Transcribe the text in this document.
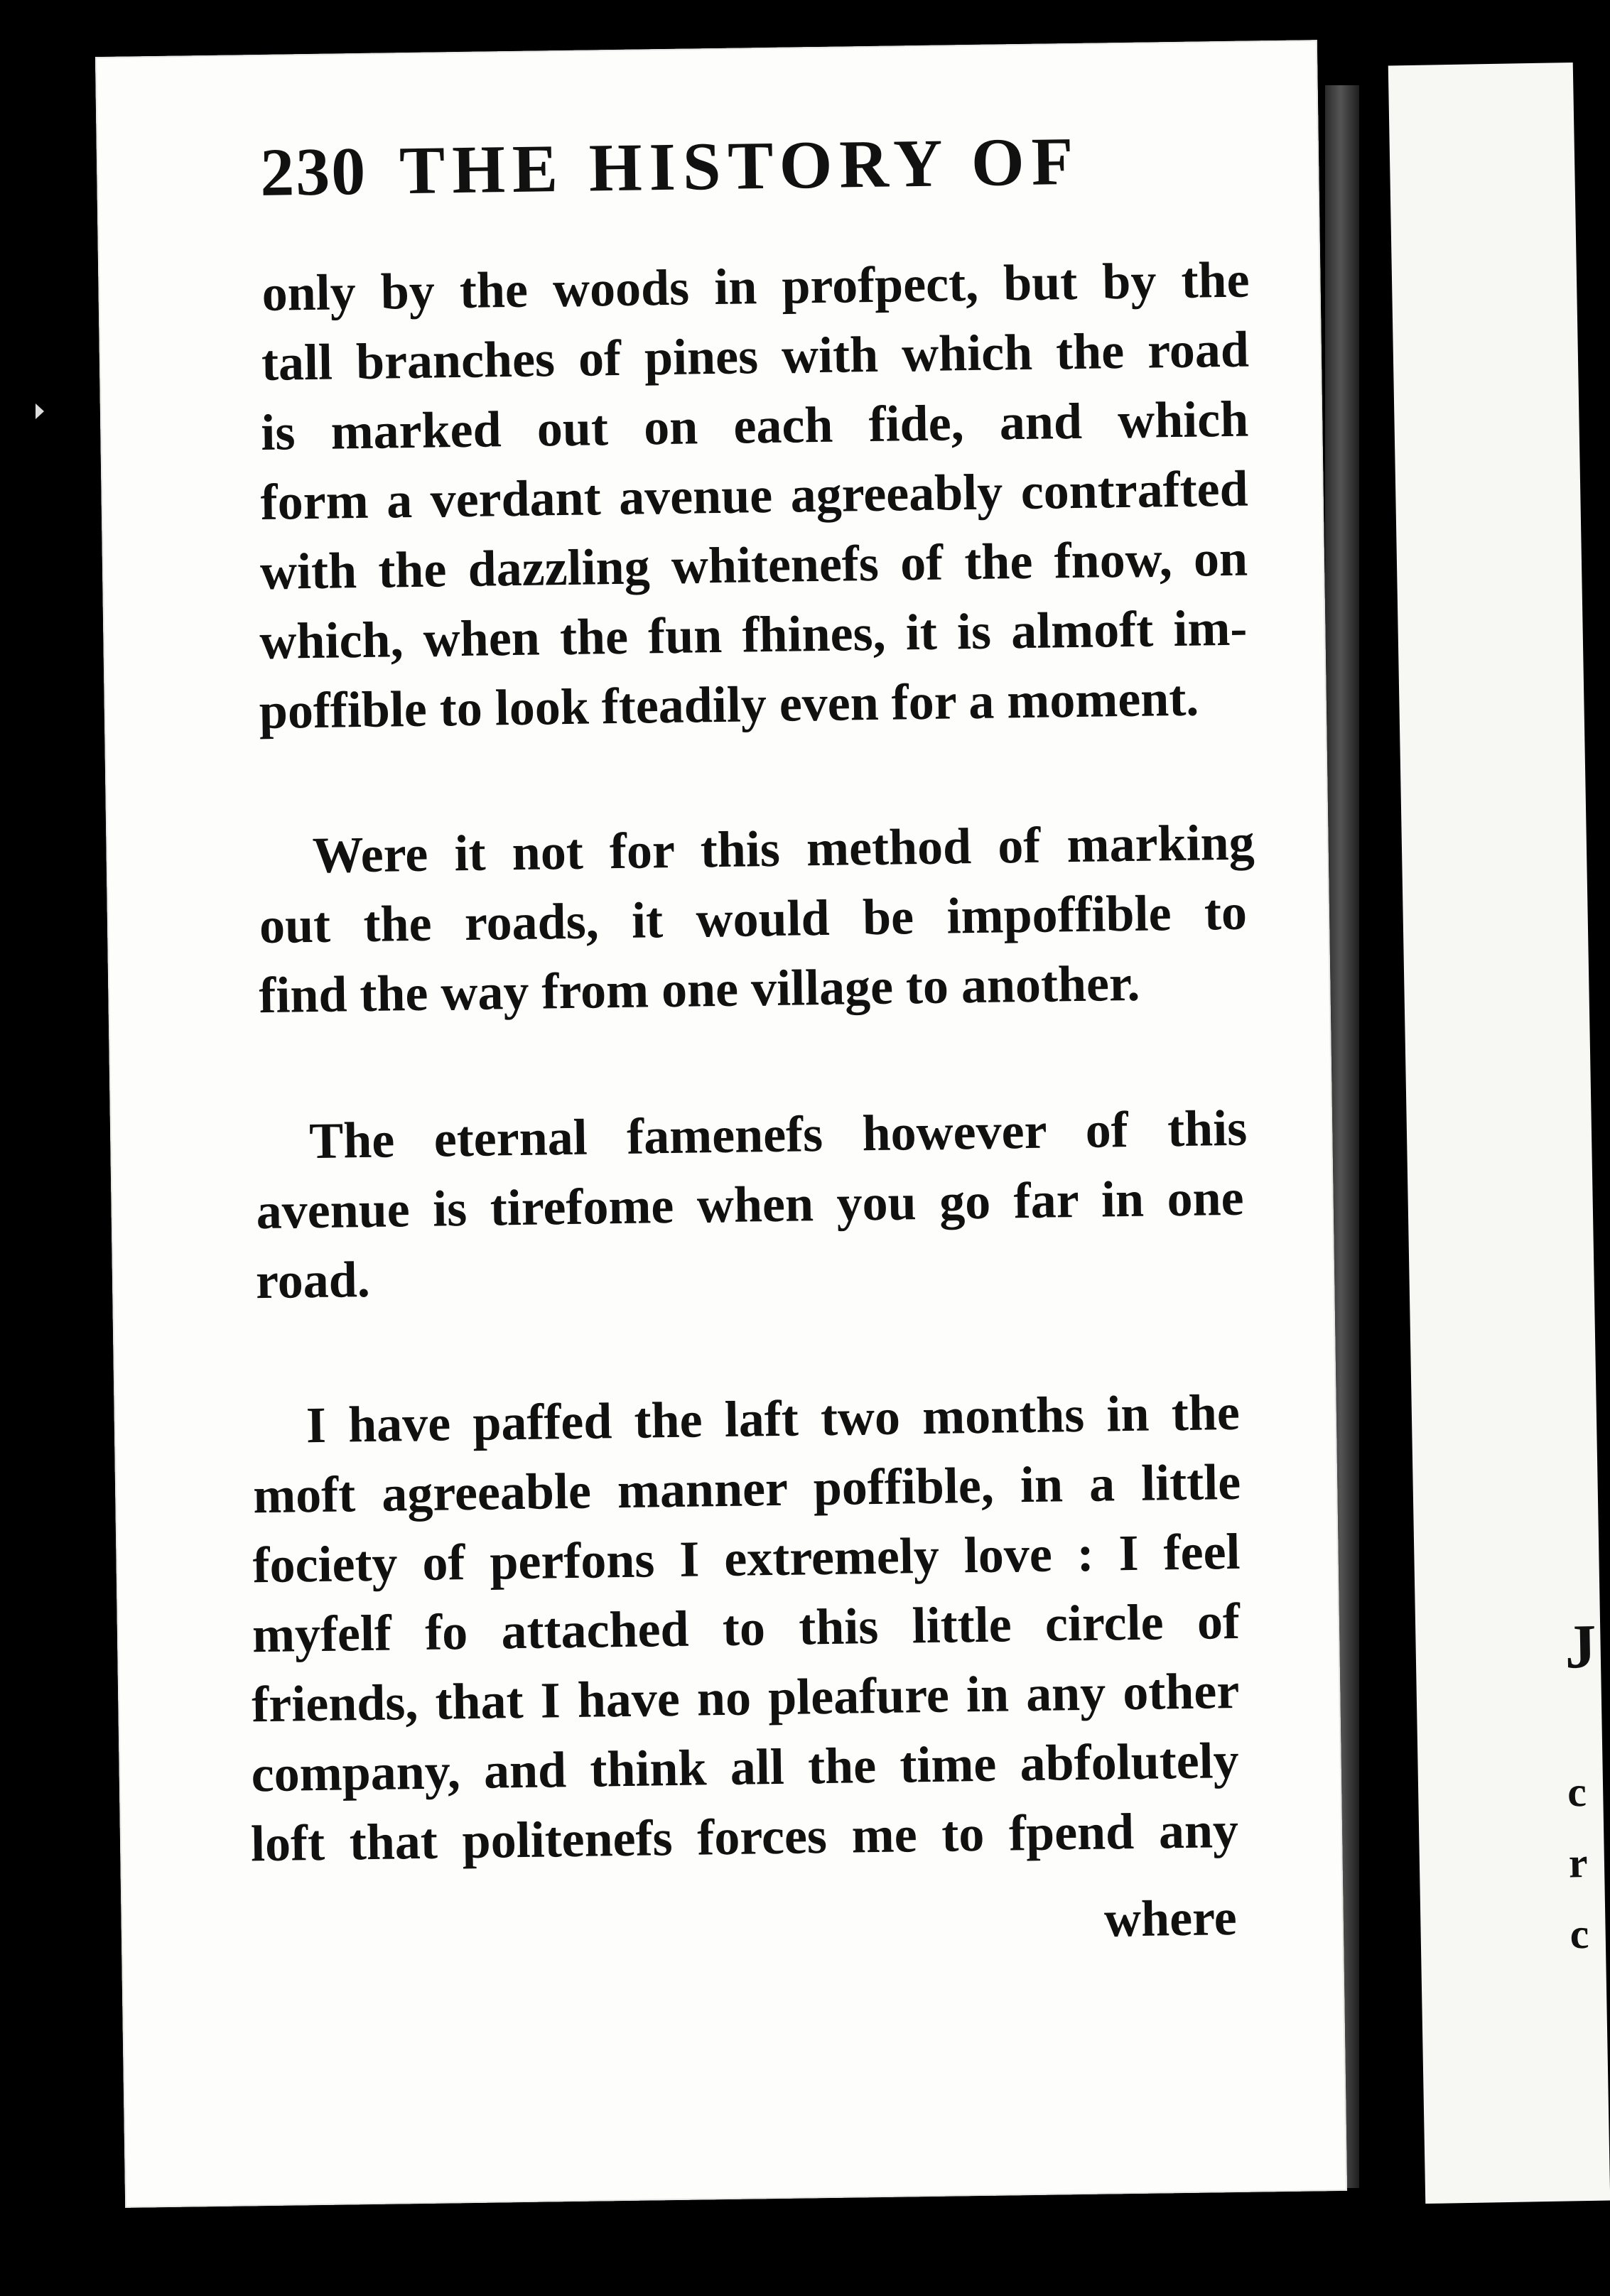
J
c
r
c
230 THE HISTORY OF
only by the woods in profpect, but by the
tall branches of pines with which the road
is marked out on each fide, and which
form a verdant avenue agreeably contrafted
with the dazzling whitenefs of the fnow, on
which, when the fun fhines, it is almoft im-
poffible to look fteadily even for a moment.
Were it not for this method of marking
out the roads, it would be impoffible to
find the way from one village to another.
The eternal famenefs however of this
avenue is tirefome when you go far in one
road.
I have paffed the laft two months in the
moft agreeable manner poffible, in a little
fociety of perfons I extremely love : I feel
myfelf fo attached to this little circle of
friends, that I have no pleafure in any other
company, and think all the time abfolutely
loft that politenefs forces me to fpend any
where
